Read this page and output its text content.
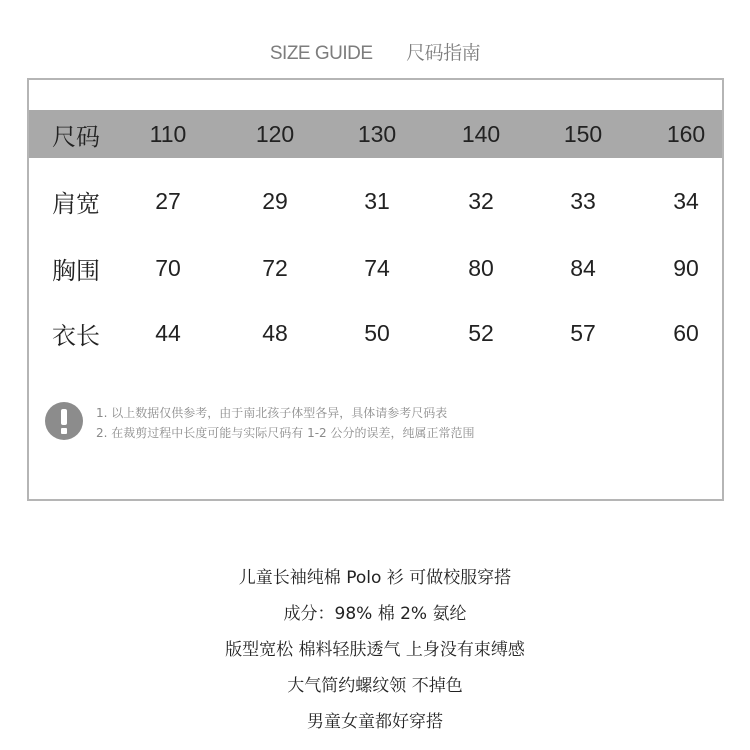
SIZE GUIDE 尺码指南
尺码	110	120	130	140	150	160
肩宽	27	29	31	32	33	34
胸围	70	72	74	80	84	90
衣长	44	48	50	52	57	60
1. 以上数据仅供参考，由于南北孩子体型各异，具体请参考尺码表
2. 在裁剪过程中长度可能与实际尺码有 1-2 公分的误差，纯属正常范围
儿童长袖纯棉 Polo 衫 可做校服穿搭
成分：98% 棉 2% 氨纶
版型宽松 棉料轻肤透气 上身没有束缚感
大气简约螺纹领 不掉色
男童女童都好穿搭
